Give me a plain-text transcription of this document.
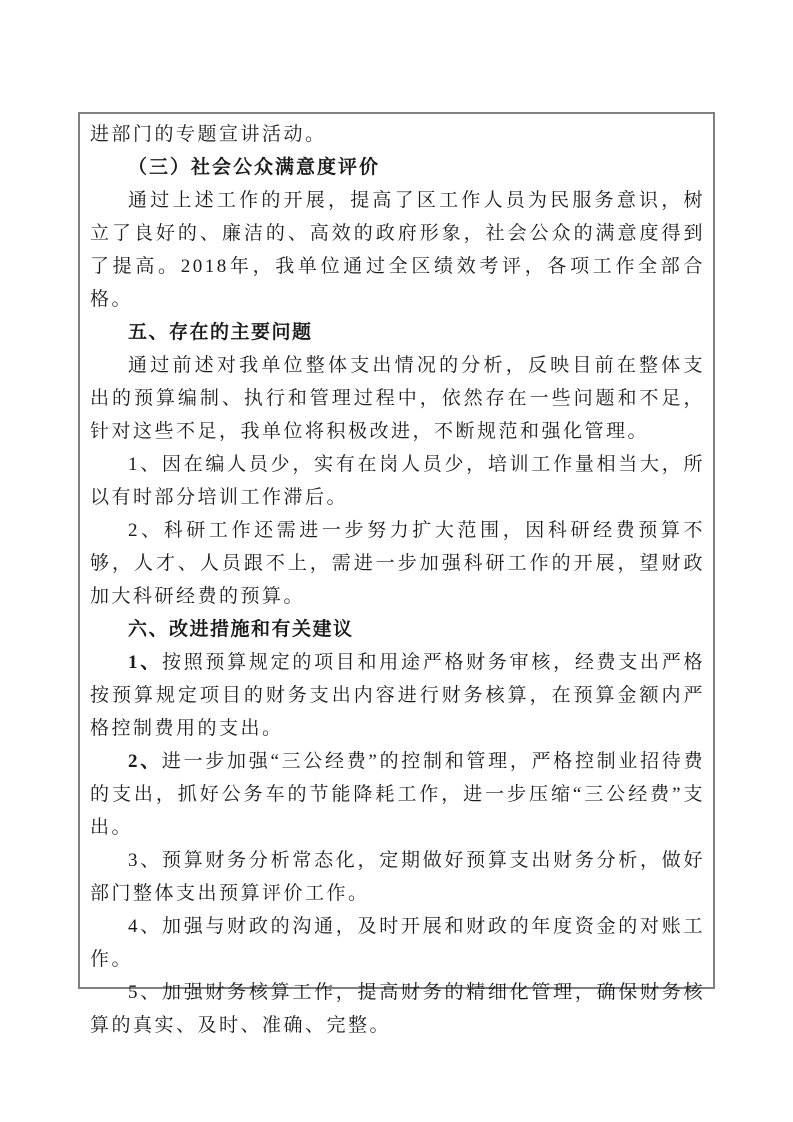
进部门的专题宣讲活动。

（三）社会公众满意度评价

通过上述工作的开展，提高了区工作人员为民服务意识，树立了良好的、廉洁的、高效的政府形象，社会公众的满意度得到了提高。2018年，我单位通过全区绩效考评，各项工作全部合格。

五、存在的主要问题

通过前述对我单位整体支出情况的分析，反映目前在整体支出的预算编制、执行和管理过程中，依然存在一些问题和不足，针对这些不足，我单位将积极改进，不断规范和强化管理。

1、因在编人员少，实有在岗人员少，培训工作量相当大，所以有时部分培训工作滞后。

2、科研工作还需进一步努力扩大范围，因科研经费预算不够，人才、人员跟不上，需进一步加强科研工作的开展，望财政加大科研经费的预算。

六、改进措施和有关建议

1、按照预算规定的项目和用途严格财务审核，经费支出严格按预算规定项目的财务支出内容进行财务核算，在预算金额内严格控制费用的支出。

2、进一步加强“三公经费”的控制和管理，严格控制业招待费的支出，抓好公务车的节能降耗工作，进一步压缩“三公经费”支出。

3、预算财务分析常态化，定期做好预算支出财务分析，做好部门整体支出预算评价工作。

4、加强与财政的沟通，及时开展和财政的年度资金的对账工作。

5、加强财务核算工作，提高财务的精细化管理，确保财务核算的真实、及时、准确、完整。
